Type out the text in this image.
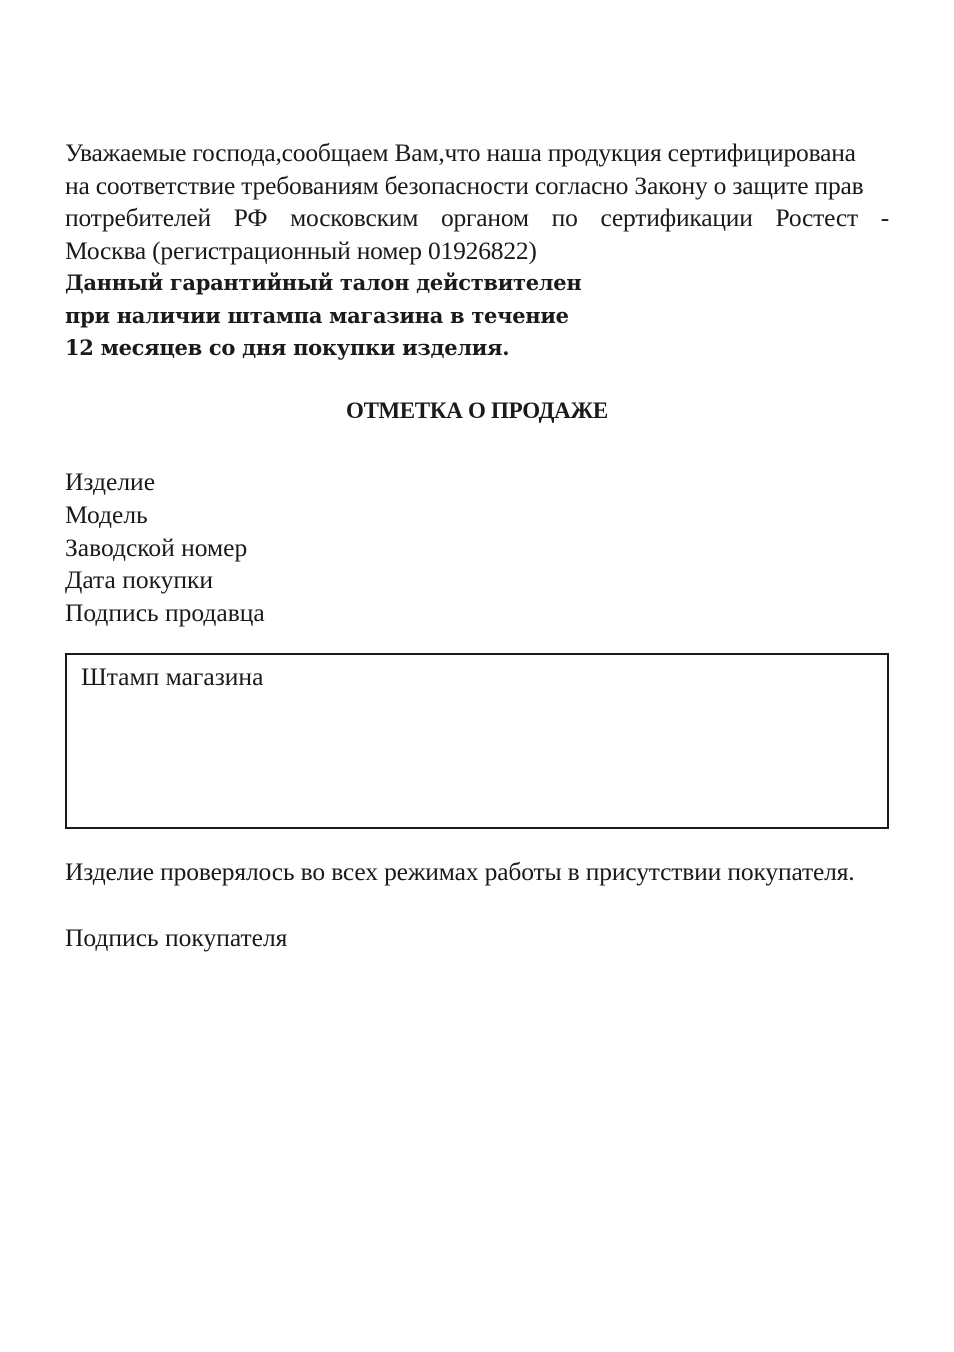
Уважаемые господа,сообщаем Вам,что наша продукция сертифицирована
на соответствие требованиям безопасности согласно Закону о защите прав
потребителей РФ московским органом по сертификации Ростест -
Москва (регистрационный номер 01926822)

Данный гарантийный талон действителен
при наличии штампа магазина в течение
12 месяцев со дня покупки изделия.

ОТМЕТКА О ПРОДАЖЕ
Изделие
Модель
Заводской номер
Дата покупки
Подпись продавца
Штамп магазина
Изделие проверялось во всех режимах работы в присутствии покупателя.
Подпись покупателя
